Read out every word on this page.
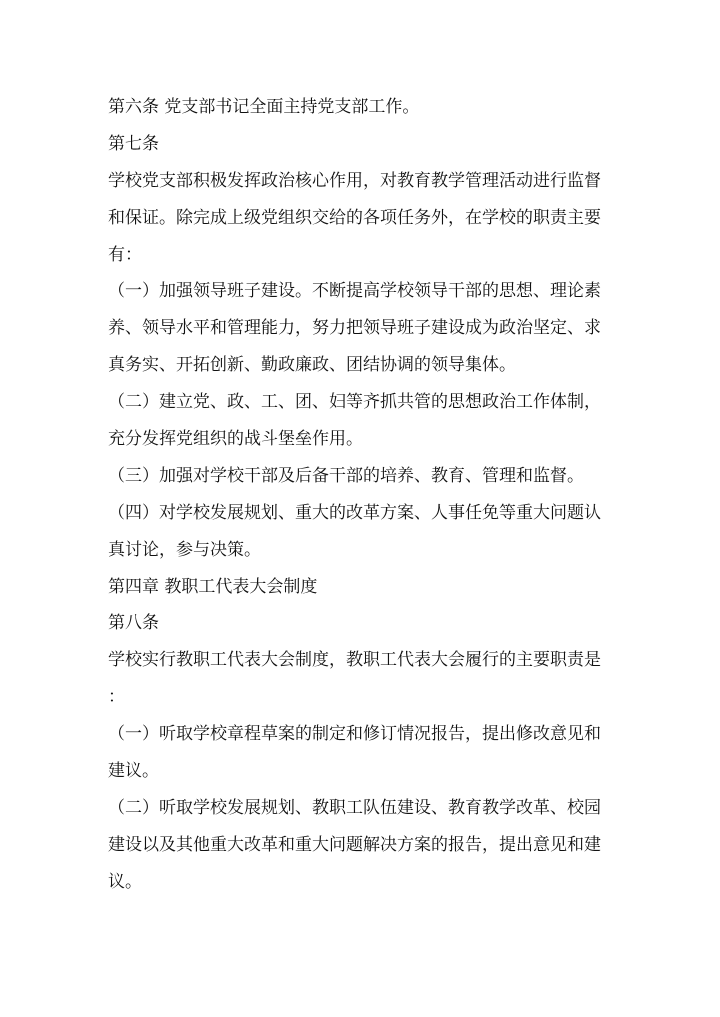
第六条 党支部书记全面主持党支部工作。
第七条
学校党支部积极发挥政治核心作用，对教育教学管理活动进行监督
和保证。除完成上级党组织交给的各项任务外，在学校的职责主要
有：
（一）加强领导班子建设。不断提高学校领导干部的思想、理论素
养、领导水平和管理能力，努力把领导班子建设成为政治坚定、求
真务实、开拓创新、勤政廉政、团结协调的领导集体。
（二）建立党、政、工、团、妇等齐抓共管的思想政治工作体制，
充分发挥党组织的战斗堡垒作用。
（三）加强对学校干部及后备干部的培养、教育、管理和监督。
（四）对学校发展规划、重大的改革方案、人事任免等重大问题认
真讨论，参与决策。
第四章 教职工代表大会制度
第八条
学校实行教职工代表大会制度，教职工代表大会履行的主要职责是
：
（一）听取学校章程草案的制定和修订情况报告，提出修改意见和
建议。
（二）听取学校发展规划、教职工队伍建设、教育教学改革、校园
建设以及其他重大改革和重大问题解决方案的报告，提出意见和建
议。
